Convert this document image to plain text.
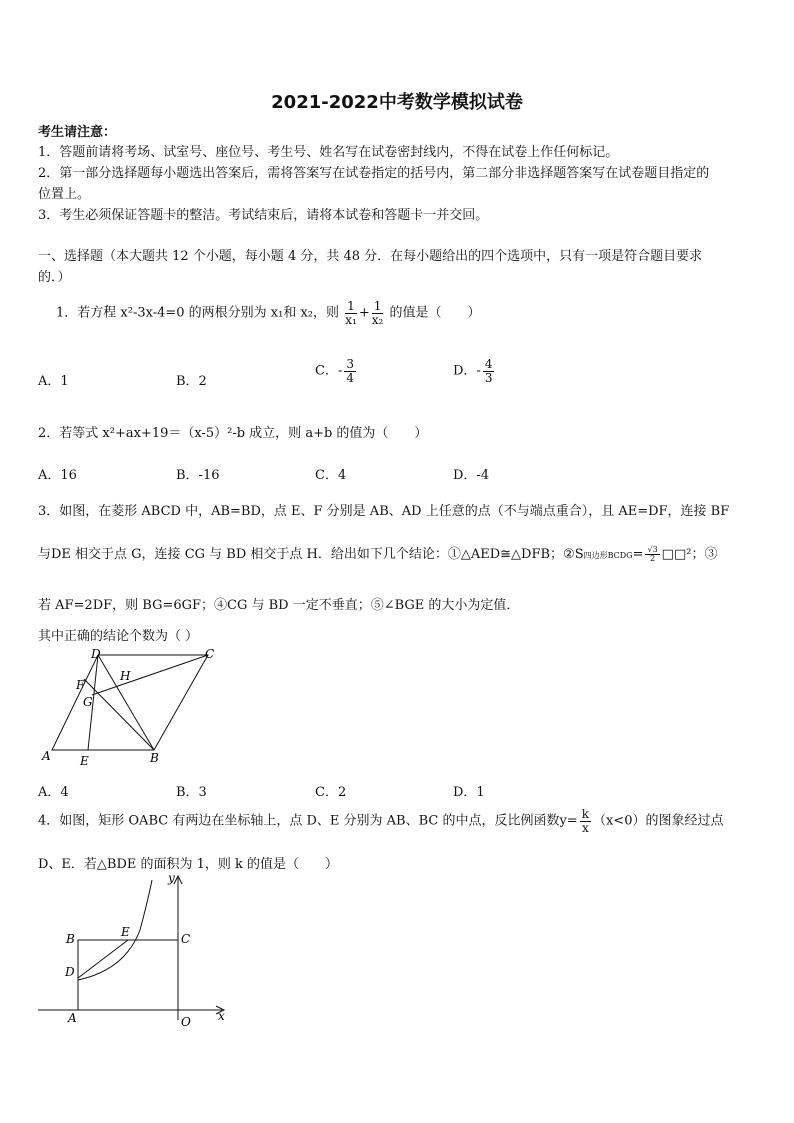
2021-2022中考数学模拟试卷
考生请注意：
1．答题前请将考场、试室号、座位号、考生号、姓名写在试卷密封线内，不得在试卷上作任何标记。
2．第一部分选择题每小题选出答案后，需将答案写在试卷指定的括号内，第二部分非选择题答案写在试卷题目指定的
位置上。
3．考生必须保证答题卡的整洁。考试结束后，请将本试卷和答题卡一并交回。
一、选择题（本大题共 12 个小题，每小题 4 分，共 48 分．在每小题给出的四个选项中，只有一项是符合题目要求
的．）
1．若方程 x²-3x-4=0 的两根分别为 x₁和 x₂，则 $\frac{1}{\text{x₁}} + \frac{1}{\text{x₂}}$ 的值是（　　）
A．1	B．2
C．- $\frac{3}{4}$	D．- $\frac{4}{3}$
2．若等式 x²+ax+19＝（x-5）²-b 成立，则 a+b 的值为（　　）
A．16	B．-16	C．4	D．-4
3．如图，在菱形 ABCD 中，AB=BD，点 E、F 分别是 AB、AD 上任意的点（不与端点重合），且 AE=DF，连接 BF
与DE 相交于点 G，连接 CG 与 BD 相交于点 H．给出如下几个结论：①△AED≅△DFB；②S四边形BCDG= $\frac{√3}{2}$ □□²；③
若 AF=2DF，则 BG=6GF；④CG 与 BD 一定不垂直；⑤∠BGE 的大小为定值．
其中正确的结论个数为（ ）
D	C
F
H
G
A E	B
A．4	B．3	C．2	D．1
4．如图，矩形 OABC 有两边在坐标轴上，点 D、E 分别为 AB、BC 的中点，反比例函数$y= \frac{k}{x} (x<0)$的图象经过点
D、E．若△BDE 的面积为 1，则 k 的值是（　　）
y
x
B	E	C
D
A	O
